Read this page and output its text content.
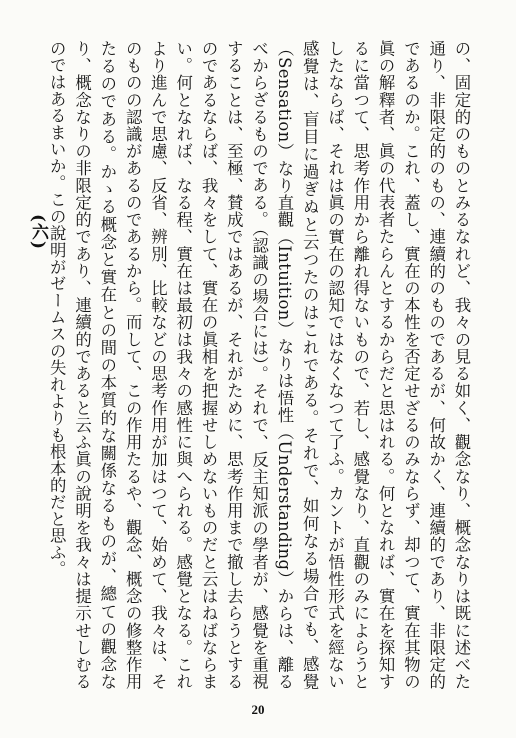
の、固定的のものとみるなれど、我々の見る如く、觀念なり、概念なりは既に述べた通り、非限定的のもの、連續的のものであるが、何故かく、連續的であり、非限定的であるのか。これ、蓋し、實在の本性を否定せざるのみならず、却つて、實在其物の眞の解釋者、眞の代表者たらんとするからだと思はれる。何となれば、實在を探知するに當つて、思考作用から離れ得ないもので、若し、感覺なり、直觀のみによらうとしたならば、それは眞の實在の認知ではなくなつて了ふ。カントが悟性形式を經ない感覺は、盲目に過ぎぬと云つたのはこれである。それで、如何なる場合でも、感覺（Sensation）なり直觀（Intuition）なりは悟性（Understanding）からは、離るべからざるものである。（認識の場合には）。それで、反主知派の學者が、感覺を重視することは、至極、賛成ではあるが、それがために、思考作用まで撤し去らうとするのであるならば、我々をして、實在の眞相を把握せしめないものだと云はねばならまい。何となれば、なる程、實在は最初は我々の感性に與へられる。感覺となる。これより進んで思慮、反省、辨別、比較などの思考作用が加はつて、始めて、我々は、そのものの認識があるのであるから。而して、この作用たるや、觀念、概念の修整作用たるのである。かゝる概念と實在との間の本質的な關係なるものが、總ての觀念なり、概念なりの非限定的であり、連續的であると云ふ眞の說明を我々は提示せしむるのではあるまいか。この說明がゼームスの失れよりも根本的だと思ふ。

(六)
20
